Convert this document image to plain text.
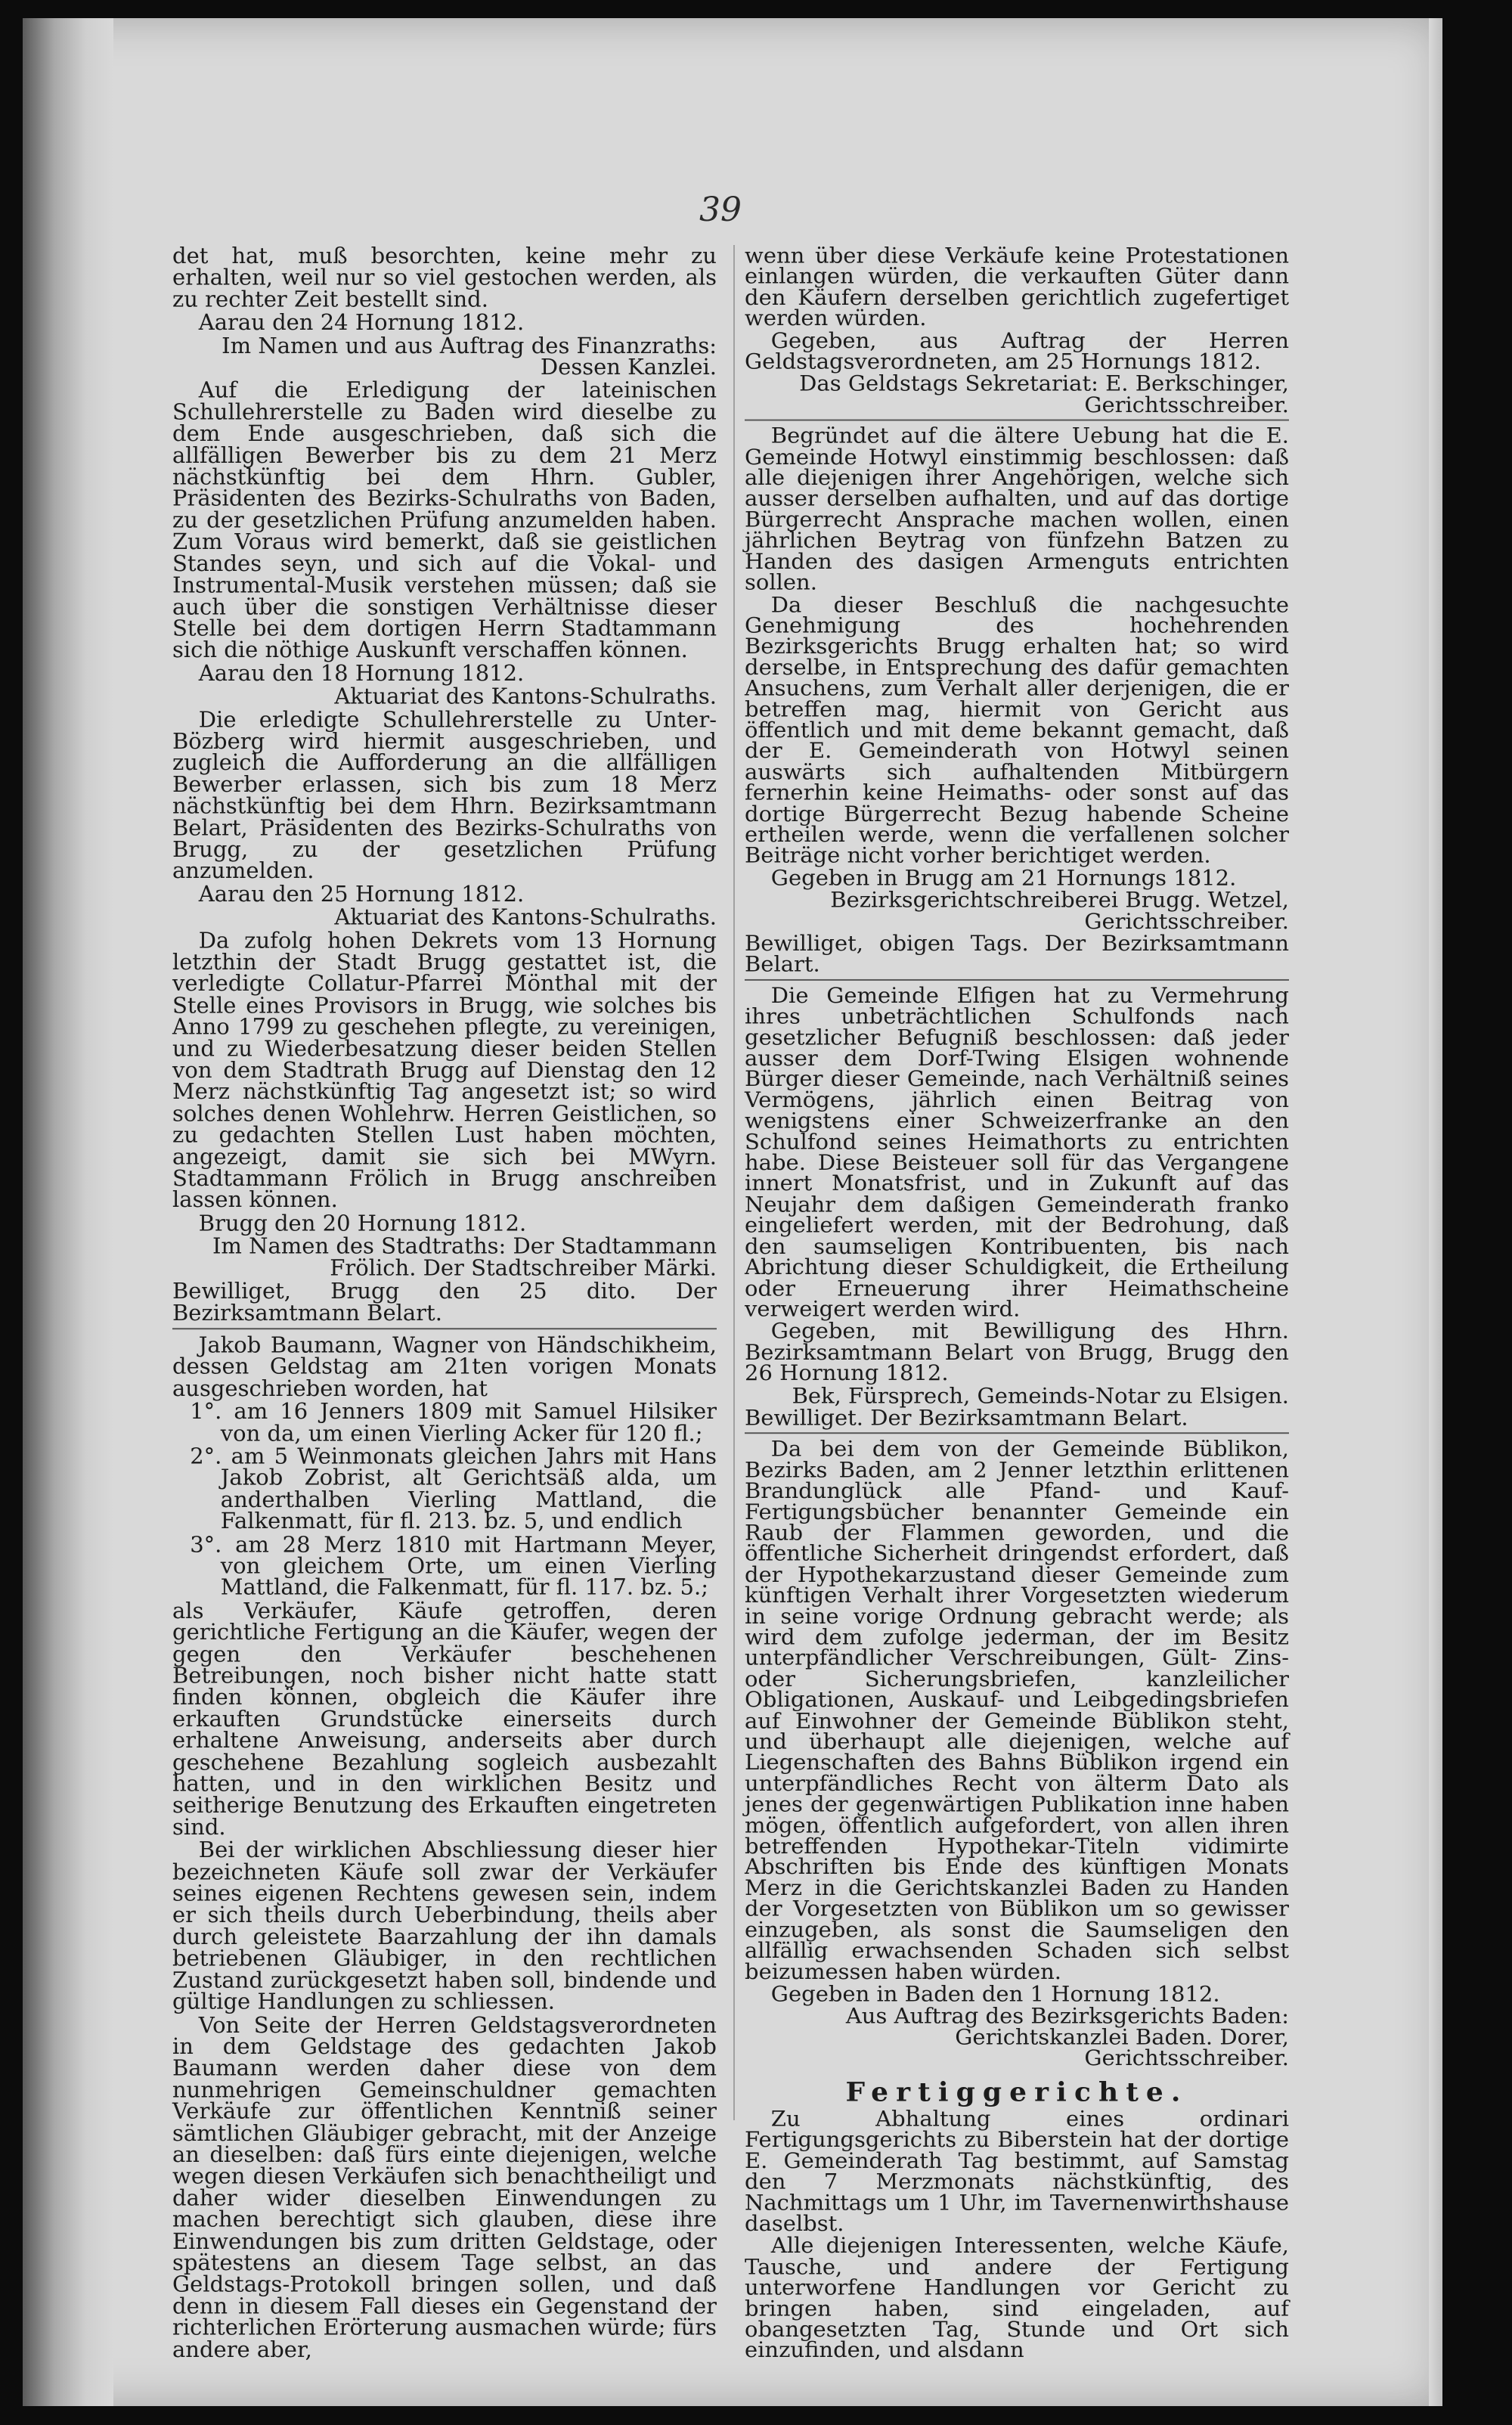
39

det hat, muß besorchten, keine mehr zu erhalten, weil nur so viel gestochen werden, als zu rechter Zeit bestellt sind.

Aarau den 24 Hornung 1812.

Im Namen und aus Auftrag des Finanzraths: Dessen Kanzlei.

Auf die Erledigung der lateinischen Schullehrerstelle zu Baden wird dieselbe zu dem Ende ausgeschrieben, daß sich die allfälligen Bewerber bis zu dem 21 Merz nächstkünftig bei dem Hhrn. Gubler, Präsidenten des Bezirks-Schulraths von Baden, zu der gesetzlichen Prüfung anzumelden haben. Zum Voraus wird bemerkt, daß sie geistlichen Standes seyn, und sich auf die Vokal- und Instrumental-Musik verstehen müssen; daß sie auch über die sonstigen Verhältnisse dieser Stelle bei dem dortigen Herrn Stadtammann sich die nöthige Auskunft verschaffen können.

Aarau den 18 Hornung 1812.

Aktuariat des Kantons-Schulraths.

Die erledigte Schullehrerstelle zu Unter-Bözberg wird hiermit ausgeschrieben, und zugleich die Aufforderung an die allfälligen Bewerber erlassen, sich bis zum 18 Merz nächstkünftig bei dem Hhrn. Bezirksamtmann Belart, Präsidenten des Bezirks-Schulraths von Brugg, zu der gesetzlichen Prüfung anzumelden.

Aarau den 25 Hornung 1812.

Aktuariat des Kantons-Schulraths.

Da zufolg hohen Dekrets vom 13 Hornung letzthin der Stadt Brugg gestattet ist, die verledigte Collatur-Pfarrei Mönthal mit der Stelle eines Provisors in Brugg, wie solches bis Anno 1799 zu geschehen pflegte, zu vereinigen, und zu Wiederbesatzung dieser beiden Stellen von dem Stadtrath Brugg auf Dienstag den 12 Merz nächstkünftig Tag angesetzt ist; so wird solches denen Wohlehrw. Herren Geistlichen, so zu gedachten Stellen Lust haben möchten, angezeigt, damit sie sich bei MWyrn. Stadtammann Frölich in Brugg anschreiben lassen können.

Brugg den 20 Hornung 1812.

Im Namen des Stadtraths: Der Stadtammann Frölich. Der Stadtschreiber Märki.

Bewilliget, Brugg den 25 dito. Der Bezirksamtmann Belart.

Jakob Baumann, Wagner von Händschikheim, dessen Geldstag am 21ten vorigen Monats ausgeschrieben worden, hat

1°. am 16 Jenners 1809 mit Samuel Hilsiker von da, um einen Vierling Acker für 120 fl.;

2°. am 5 Weinmonats gleichen Jahrs mit Hans Jakob Zobrist, alt Gerichtsäß alda, um anderthalben Vierling Mattland, die Falkenmatt, für fl. 213. bz. 5, und endlich

3°. am 28 Merz 1810 mit Hartmann Meyer, von gleichem Orte, um einen Vierling Mattland, die Falkenmatt, für fl. 117. bz. 5.;

als Verkäufer, Käufe getroffen, deren gerichtliche Fertigung an die Käufer, wegen der gegen den Verkäufer beschehenen Betreibungen, noch bisher nicht hatte statt finden können, obgleich die Käufer ihre erkauften Grundstücke einerseits durch erhaltene Anweisung, anderseits aber durch geschehene Bezahlung sogleich ausbezahlt hatten, und in den wirklichen Besitz und seitherige Benutzung des Erkauften eingetreten sind.

Bei der wirklichen Abschliessung dieser hier bezeichneten Käufe soll zwar der Verkäufer seines eigenen Rechtens gewesen sein, indem er sich theils durch Ueberbindung, theils aber durch geleistete Baarzahlung der ihn damals betriebenen Gläubiger, in den rechtlichen Zustand zurückgesetzt haben soll, bindende und gültige Handlungen zu schliessen.

Von Seite der Herren Geldstagsverordneten in dem Geldstage des gedachten Jakob Baumann werden daher diese von dem nunmehrigen Gemeinschuldner gemachten Verkäufe zur öffentlichen Kenntniß seiner sämtlichen Gläubiger gebracht, mit der Anzeige an dieselben: daß fürs einte diejenigen, welche wegen diesen Verkäufen sich benachtheiligt und daher wider dieselben Einwendungen zu machen berechtigt sich glauben, diese ihre Einwendungen bis zum dritten Geldstage, oder spätestens an diesem Tage selbst, an das Geldstags-Protokoll bringen sollen, und daß denn in diesem Fall dieses ein Gegenstand der richterlichen Erörterung ausmachen würde; fürs andere aber,

wenn über diese Verkäufe keine Protestationen einlangen würden, die verkauften Güter dann den Käufern derselben gerichtlich zugefertiget werden würden.

Gegeben, aus Auftrag der Herren Geldstagsverordneten, am 25 Hornungs 1812.

Das Geldstags Sekretariat: E. Berkschinger, Gerichtsschreiber.

Begründet auf die ältere Uebung hat die E. Gemeinde Hotwyl einstimmig beschlossen: daß alle diejenigen ihrer Angehörigen, welche sich ausser derselben aufhalten, und auf das dortige Bürgerrecht Ansprache machen wollen, einen jährlichen Beytrag von fünfzehn Batzen zu Handen des dasigen Armenguts entrichten sollen.

Da dieser Beschluß die nachgesuchte Genehmigung des hochehrenden Bezirksgerichts Brugg erhalten hat; so wird derselbe, in Entsprechung des dafür gemachten Ansuchens, zum Verhalt aller derjenigen, die er betreffen mag, hiermit von Gericht aus öffentlich und mit deme bekannt gemacht, daß der E. Gemeinderath von Hotwyl seinen auswärts sich aufhaltenden Mitbürgern fernerhin keine Heimaths- oder sonst auf das dortige Bürgerrecht Bezug habende Scheine ertheilen werde, wenn die verfallenen solcher Beiträge nicht vorher berichtiget werden.

Gegeben in Brugg am 21 Hornungs 1812.

Bezirksgerichtschreiberei Brugg. Wetzel, Gerichtsschreiber.

Bewilliget, obigen Tags. Der Bezirksamtmann Belart.

Die Gemeinde Elfigen hat zu Vermehrung ihres unbeträchtlichen Schulfonds nach gesetzlicher Befugniß beschlossen: daß jeder ausser dem Dorf-Twing Elsigen wohnende Bürger dieser Gemeinde, nach Verhältniß seines Vermögens, jährlich einen Beitrag von wenigstens einer Schweizerfranke an den Schulfond seines Heimathorts zu entrichten habe. Diese Beisteuer soll für das Vergangene innert Monatsfrist, und in Zukunft auf das Neujahr dem daßigen Gemeinderath franko eingeliefert werden, mit der Bedrohung, daß den saumseligen Kontribuenten, bis nach Abrichtung dieser Schuldigkeit, die Ertheilung oder Erneuerung ihrer Heimathscheine verweigert werden wird.

Gegeben, mit Bewilligung des Hhrn. Bezirksamtmann Belart von Brugg, Brugg den 26 Hornung 1812.

Bek, Fürsprech, Gemeinds-Notar zu Elsigen.

Bewilliget. Der Bezirksamtmann Belart.

Da bei dem von der Gemeinde Büblikon, Bezirks Baden, am 2 Jenner letzthin erlittenen Brandunglück alle Pfand- und Kauf-Fertigungsbücher benannter Gemeinde ein Raub der Flammen geworden, und die öffentliche Sicherheit dringendst erfordert, daß der Hypothekarzustand dieser Gemeinde zum künftigen Verhalt ihrer Vorgesetzten wiederum in seine vorige Ordnung gebracht werde; als wird dem zufolge jederman, der im Besitz unterpfändlicher Verschreibungen, Gült- Zins- oder Sicherungsbriefen, kanzleilicher Obligationen, Auskauf- und Leibgedingsbriefen auf Einwohner der Gemeinde Büblikon steht, und überhaupt alle diejenigen, welche auf Liegenschaften des Bahns Büblikon irgend ein unterpfändliches Recht von älterm Dato als jenes der gegenwärtigen Publikation inne haben mögen, öffentlich aufgefordert, von allen ihren betreffenden Hypothekar-Titeln vidimirte Abschriften bis Ende des künftigen Monats Merz in die Gerichtskanzlei Baden zu Handen der Vorgesetzten von Büblikon um so gewisser einzugeben, als sonst die Saumseligen den allfällig erwachsenden Schaden sich selbst beizumessen haben würden.

Gegeben in Baden den 1 Hornung 1812.

Aus Auftrag des Bezirksgerichts Baden: Gerichtskanzlei Baden. Dorer, Gerichtsschreiber.

Fertiggerichte.

Zu Abhaltung eines ordinari Fertigungsgerichts zu Biberstein hat der dortige E. Gemeinderath Tag bestimmt, auf Samstag den 7 Merzmonats nächstkünftig, des Nachmittags um 1 Uhr, im Tavernenwirthshause daselbst.

Alle diejenigen Interessenten, welche Käufe, Tausche, und andere der Fertigung unterworfene Handlungen vor Gericht zu bringen haben, sind eingeladen, auf obangesetzten Tag, Stunde und Ort sich einzufinden, und alsdann
